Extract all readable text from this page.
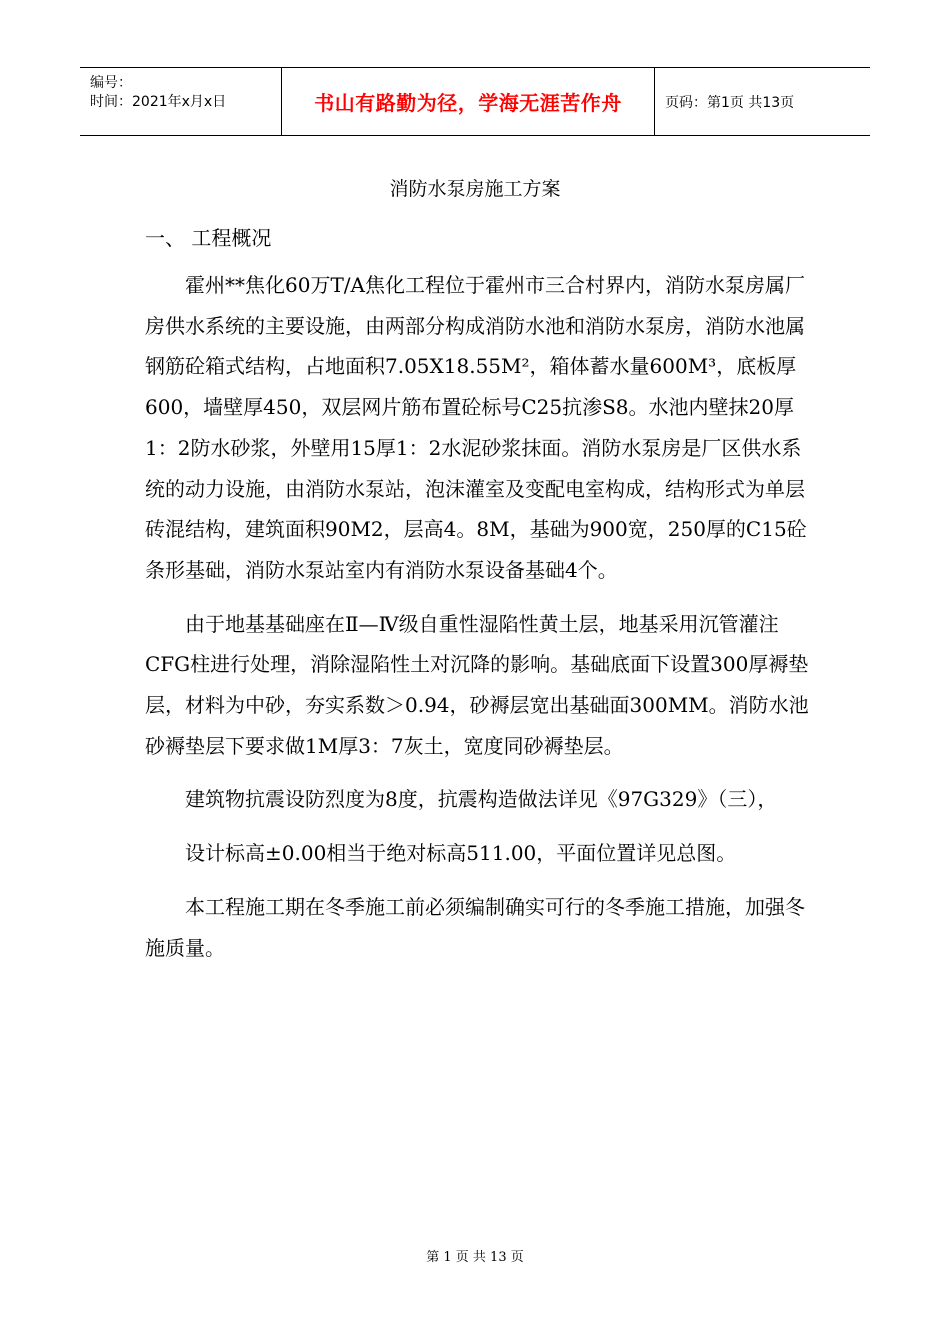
编号：
时间：2021年x月x日	书山有路勤为径，学海无涯苦作舟	页码：第1页 共13页
消防水泵房施工方案
一、 工程概况

霍州**焦化60万T/A焦化工程位于霍州市三合村界内，消防水泵房属厂房供水系统的主要设施，由两部分构成消防水池和消防水泵房，消防水池属钢筋砼箱式结构，占地面积7.05X18.55M²，箱体蓄水量600M³，底板厚600，墙壁厚450，双层网片筋布置砼标号C25抗渗S8。水池内壁抹20厚1：2防水砂浆，外壁用15厚1：2水泥砂浆抹面。消防水泵房是厂区供水系统的动力设施，由消防水泵站，泡沫灌室及变配电室构成，结构形式为单层砖混结构，建筑面积90M2，层高4。8M，基础为900宽，250厚的C15砼条形基础，消防水泵站室内有消防水泵设备基础4个。

由于地基基础座在Ⅱ—Ⅳ级自重性湿陷性黄土层，地基采用沉管灌注CFG柱进行处理，消除湿陷性土对沉降的影响。基础底面下设置300厚褥垫层，材料为中砂，夯实系数＞0.94，砂褥层宽出基础面300MM。消防水池砂褥垫层下要求做1M厚3：7灰土，宽度同砂褥垫层。

建筑物抗震设防烈度为8度，抗震构造做法详见《97G329》（三），

设计标高±0.00相当于绝对标高511.00，平面位置详见总图。

本工程施工期在冬季施工前必须编制确实可行的冬季施工措施，加强冬施质量。

第 1 页 共 13 页
